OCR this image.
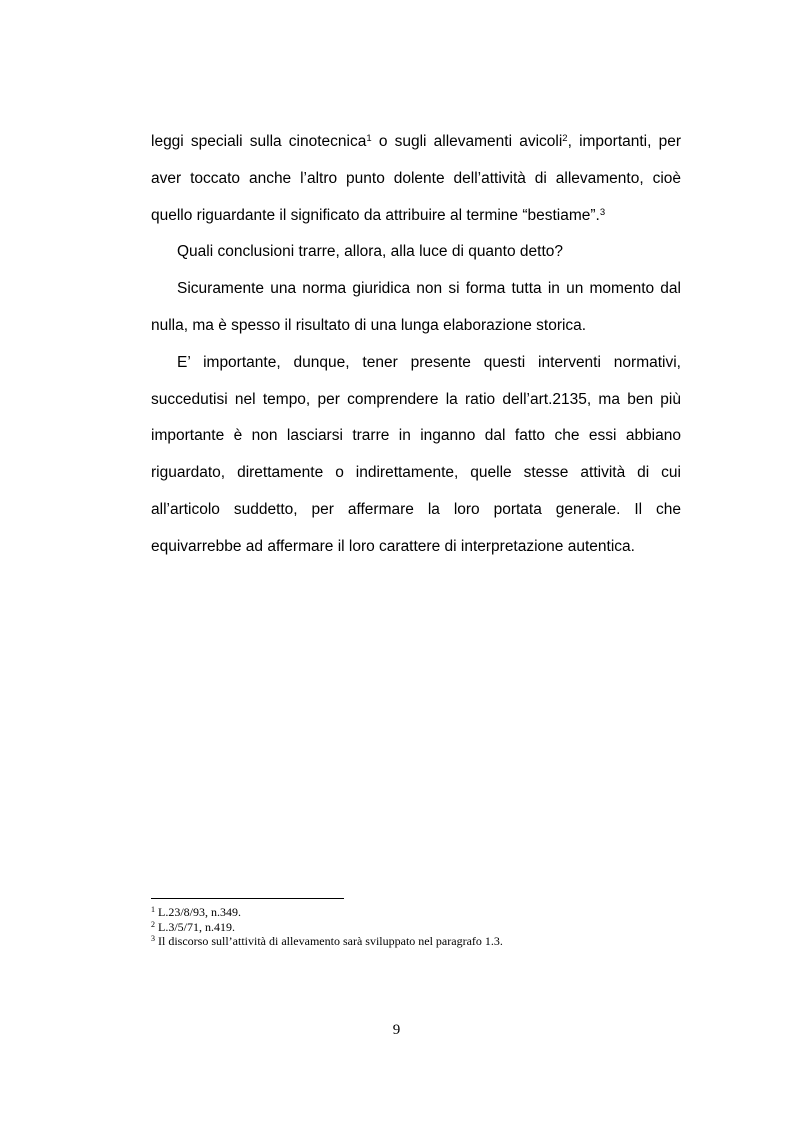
leggi speciali sulla cinotecnica$^1$ o sugli allevamenti avicoli$^2$, importanti, per aver toccato anche l’altro punto dolente dell’attività di allevamento, cioè quello riguardante il significato da attribuire al termine “bestiame”.$^3$

Quali conclusioni trarre, allora, alla luce di quanto detto?

Sicuramente una norma giuridica non si forma tutta in un momento dal nulla, ma è spesso il risultato di una lunga elaborazione storica.

E’ importante, dunque, tener presente questi interventi normativi, succedutisi nel tempo, per comprendere la ratio dell’art.2135, ma ben più importante è non lasciarsi trarre in inganno dal fatto che essi abbiano riguardato, direttamente o indirettamente, quelle stesse attività di cui all’articolo suddetto, per affermare la loro portata generale. Il che equivarrebbe ad affermare il loro carattere di interpretazione autentica.

$^1$ L.23/8/93, n.349.

$^2$ L.3/5/71, n.419.

$^3$ Il discorso sull’attività di allevamento sarà sviluppato nel paragrafo 1.3.

9
